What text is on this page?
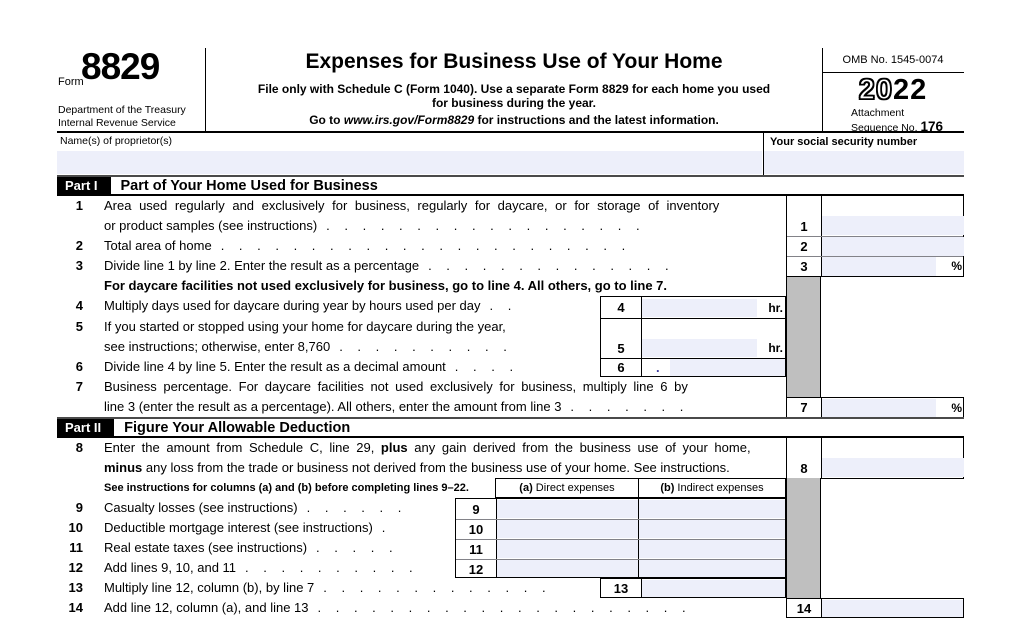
Form
8829
Department of the Treasury
Internal Revenue Service
Expenses for Business Use of Your Home
File only with Schedule C (Form 1040). Use a separate Form 8829 for each home you used
for business during the year.
Go to www.irs.gov/Form8829 for instructions and the latest information.
OMB No. 1545-0074
2022
Attachment
Sequence No. 176
Name(s) of proprietor(s)	Your social security number
Part I	Part of Your Home Used for Business
1 Area used regularly and exclusively for business, regularly for daycare, or for storage of inventory
or product samples (see instructions) . . . . . . . . . . . . . . . . . .
2 Total area of home . . . . . . . . . . . . . . . . . . . . . . .
3 Divide line 1 by line 2. Enter the result as a percentage . . . . . . . . . . . . . .
For daycare facilities not used exclusively for business, go to line 4. All others, go to line 7.
4 Multiply days used for daycare during year by hours used per day . .
5 If you started or stopped using your home for daycare during the year,
see instructions; otherwise, enter 8,760 . . . . . . . . . .
6 Divide line 4 by line 5. Enter the result as a decimal amount . . . .
7 Business percentage. For daycare facilities not used exclusively for business, multiply line 6 by
line 3 (enter the result as a percentage). All others, enter the amount from line 3 . . . . . . .
1
2
3	%
4	hr.
5	hr.
6	.
7	%
Part II	Figure Your Allowable Deduction
8 Enter the amount from Schedule C, line 29, plus any gain derived from the business use of your home,
minus any loss from the trade or business not derived from the business use of your home. See instructions.
See instructions for columns (a) and (b) before completing lines 9–22.
8
(a) Direct expenses	(b) Indirect expenses
9 Casualty losses (see instructions) . . . . . .
10 Deductible mortgage interest (see instructions) .
11 Real estate taxes (see instructions) . . . . .
12 Add lines 9, 10, and 11 . . . . . . . . . .
13 Multiply line 12, column (b), by line 7 . . . . . . . . . . . . .
14 Add line 12, column (a), and line 13 . . . . . . . . . . . . . . . . . . . . .
9
10
11
12
13
14
